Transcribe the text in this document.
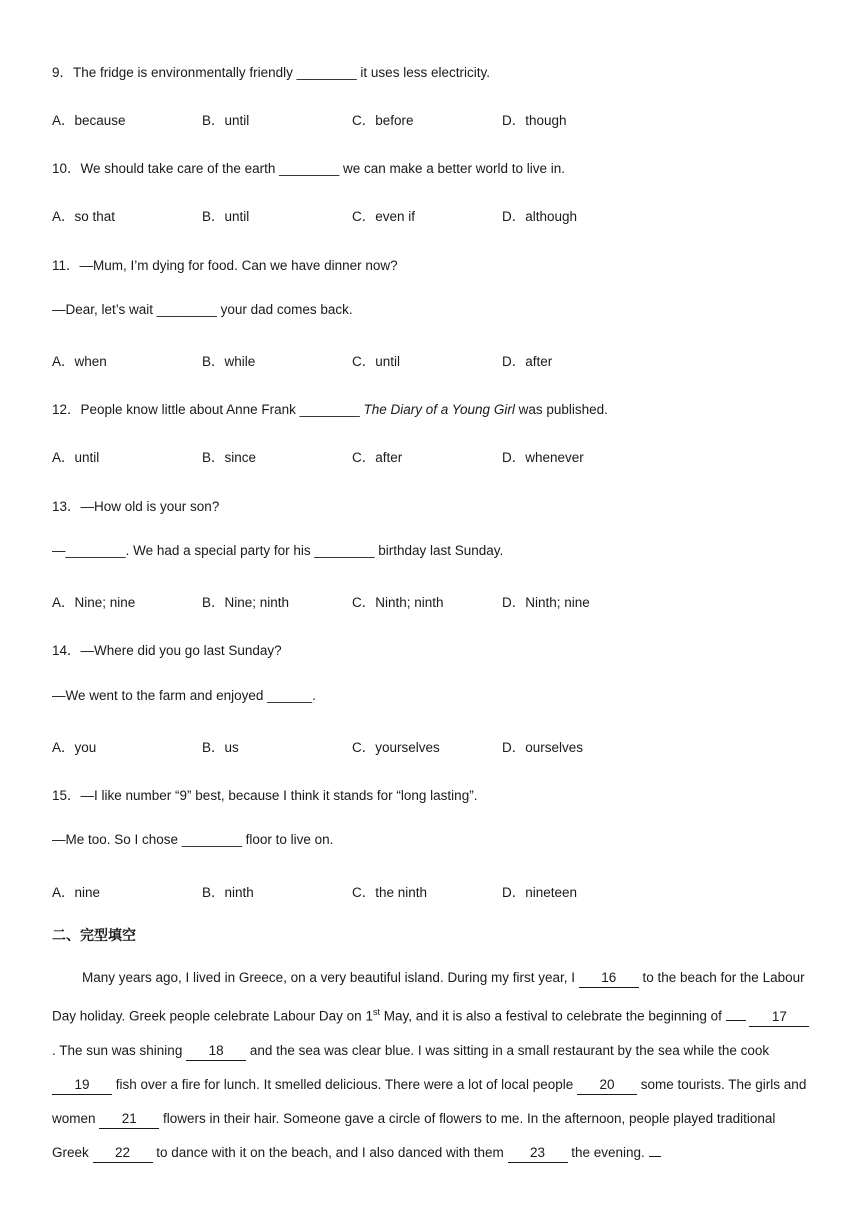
9．The fridge is environmentally friendly ________ it uses less electricity.
A．because	B．until	C．before	D．though
10．We should take care of the earth ________ we can make a better world to live in.
A．so that	B．until	C．even if	D．although
11．—Mum, I’m dying for food. Can we have dinner now?
—Dear, let’s wait ________ your dad comes back.
A．when	B．while	C．until	D．after
12．People know little about Anne Frank ________ The Diary of a Young Girl was published.
A．until	B．since	C．after	D．whenever
13．—How old is your son?
—________. We had a special party for his ________ birthday last Sunday.
A．Nine; nine	B．Nine; ninth	C．Ninth; ninth	D．Ninth; nine
14．—Where did you go last Sunday?
—We went to the farm and enjoyed ______.
A．you	B．us	C．yourselves	D．ourselves
15．—I like number “9” best, because I think it stands for “long lasting”.
—Me too. So I chose ________ floor to live on.
A．nine	B．ninth	C．the ninth	D．nineteen
二、完型填空
Many years ago, I lived in Greece, on a very beautiful island. During my first year, I 16 to the beach for the Labour Day holiday. Greek people celebrate Labour Day on 1st May, and it is also a festival to celebrate the beginning of	17. The sun was shining 18 and the sea was clear blue. I was sitting in a small restaurant by the sea while the cook 19 fish over a fire for lunch. It smelled delicious. There were a lot of local people 20 some tourists. The girls and women 21 flowers in their hair. Someone gave a circle of flowers to me. In the afternoon, people played traditional Greek 22 to dance with it on the beach, and I also danced with them 23 the evening.
